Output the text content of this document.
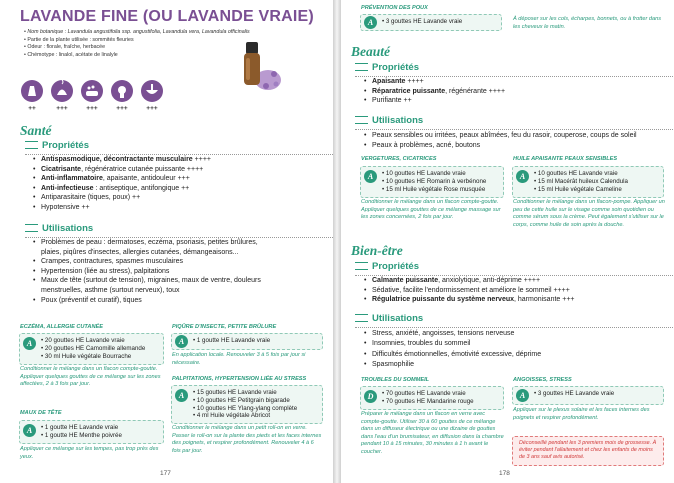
LAVANDE FINE (OU LAVANDE VRAIE)
• Nom botanique : Lavandula angustifolia ssp. angustifolia, Lavandula vera, Lavandula officinalis
• Partie de la plante utilisée : sommités fleuries
• Odeur : florale, fraîche, herbacée
• Chémotype : linalol, acétate de linalyle
++	+++	+++	+++	+++
Santé
Propriétés
• Antispasmodique, décontractante musculaire ++++
• Cicatrisante, régénératrice cutanée puissante ++++
• Anti-inflammatoire, apaisante, antidouleur +++
• Anti-infectieuse : antiseptique, antifongique ++
• Antiparasitaire (tiques, poux) ++
• Hypotensive ++
Utilisations
• Problèmes de peau : dermatoses, eczéma, psoriasis, petites brûlures,
plaies, piqûres d'insectes, allergies cutanées, démangeaisons...
• Crampes, contractures, spasmes musculaires
• Hypertension (liée au stress), palpitations
• Maux de tête (surtout de tension), migraines, maux de ventre, douleurs
menstruelles, asthme (surtout nerveux), toux
• Poux (préventif et curatif), tiques
ECZÉMA, ALLERGIE CUTANÉE
A	• 20 gouttes HE Lavande vraie
• 20 gouttes HE Camomille allemande
• 30 ml Huile végétale Bourrache
Conditionner le mélange dans un flacon compte-goutte. Appliquer quelques gouttes de ce mélange sur les zones affectées, 2 à 3 fois par jour.
MAUX DE TÊTE
A	• 1 goutte HE Lavande vraie
• 1 goutte HE Menthe poivrée
Appliquer ce mélange sur les tempes, pas trop près des yeux.
PIQÛRE D'INSECTE, PETITE BRÛLURE
A	• 1 goutte HE Lavande vraie
En application locale. Renouveler 3 à 5 fois par jour si nécessaire.
PALPITATIONS, HYPERTENSION LIÉE AU STRESS
A	• 15 gouttes HE Lavande vraie
• 10 gouttes HE Petitgrain bigarade
• 10 gouttes HE Ylang-ylang complète
• 4 ml Huile végétale Abricot
Conditionner le mélange dans un petit roll-on en verre. Passer le roll-on sur la plante des pieds et les faces internes des poignets, et respirer profondément. Renouveler 4 à 6 fois par jour.
177
PRÉVENTION DES POUX
A	• 3 gouttes HE Lavande vraie	À déposer sur les cols, écharpes, bonnets, ou à frotter dans les cheveux le matin.
Beauté
Propriétés
• Apaisante ++++
• Réparatrice puissante, régénérante ++++
• Purifiante ++
Utilisations
• Peaux sensibles ou irritées, peaux abîmées, feu du rasoir, couperose, coups de soleil
• Peaux à problèmes, acné, boutons
VERGETURES, CICATRICES
A	• 10 gouttes HE Lavande vraie
• 10 gouttes HE Romarin à verbénone
• 15 ml Huile végétale Rose musquée
Conditionner le mélange dans un flacon compte-goutte. Appliquer quelques gouttes de ce mélange massage sur les zones concernées, 2 fois par jour.
HUILE APAISANTE PEAUX SENSIBLES
A	• 10 gouttes HE Lavande vraie
• 15 ml Macérât huileux Calendula
• 15 ml Huile végétale Cameline
Conditionner le mélange dans un flacon-pompe. Appliquer un peu de cette huile sur le visage comme soin quotidien ou comme sérum sous la crème. Peut également s'utiliser sur le corps, comme huile de soin après la douche.
Bien-être
Propriétés
• Calmante puissante, anxiolytique, anti-déprime ++++
• Sédative, facilite l'endormissement et améliore le sommeil ++++
• Régulatrice puissante du système nerveux, harmonisante +++
Utilisations
• Stress, anxiété, angoisses, tensions nerveuse
• Insomnies, troubles du sommeil
• Difficultés émotionnelles, émotivité excessive, déprime
• Spasmophilie
TROUBLES DU SOMMEIL
D	• 70 gouttes HE Lavande vraie
• 70 gouttes HE Mandarine rouge
Préparer le mélange dans un flacon en verre avec compte-goutte. Utiliser 30 à 60 gouttes de ce mélange dans un diffuseur électrique ou une dizaine de gouttes dans l'eau d'un brumisateur, en diffusion dans la chambre pendant 10 à 15 minutes, 30 minutes à 1 h avant le coucher.
ANGOISSES, STRESS
A	• 3 gouttes HE Lavande vraie
Appliquer sur le plexus solaire et les faces internes des poignets et respirer profondément.
Déconseillé pendant les 3 premiers mois de grossesse. À éviter pendant l'allaitement et chez les enfants de moins de 3 ans sauf avis autorisé.
178
